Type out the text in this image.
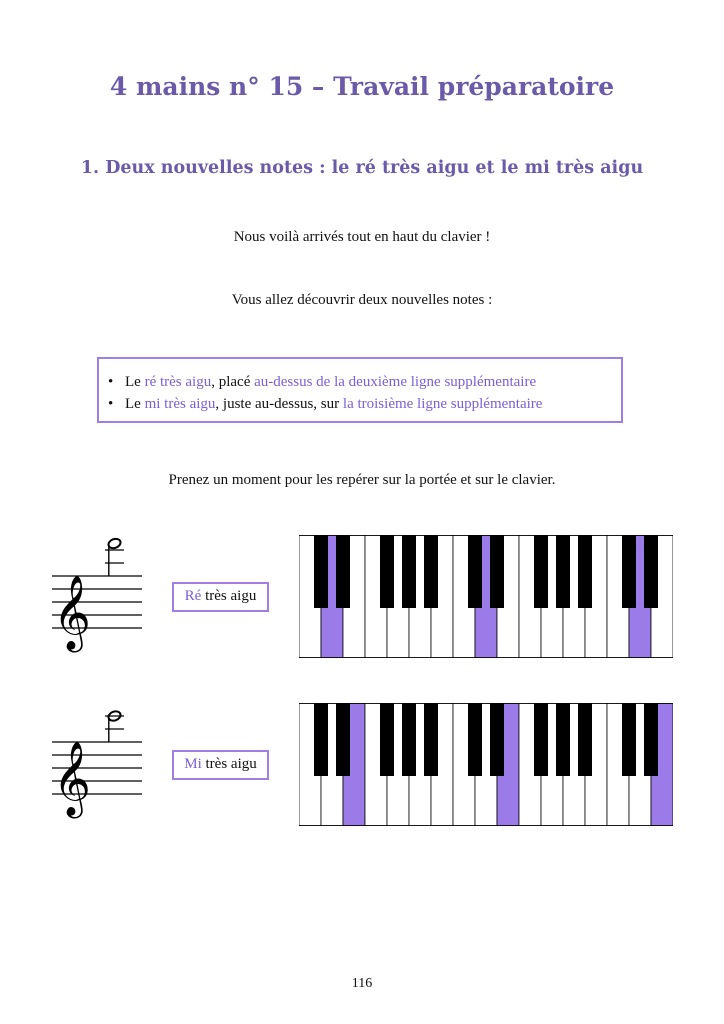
4 mains n° 15 – Travail préparatoire
1. Deux nouvelles notes : le ré très aigu et le mi très aigu
Nous voilà arrivés tout en haut du clavier !
Vous allez découvrir deux nouvelles notes :
• Le ré très aigu, placé au-dessus de la deuxième ligne supplémentaire
• Le mi très aigu, juste au-dessus, sur la troisième ligne supplémentaire
Prenez un moment pour les repérer sur la portée et sur le clavier.
𝄞	Ré très aigu
𝄞	Mi très aigu
116
